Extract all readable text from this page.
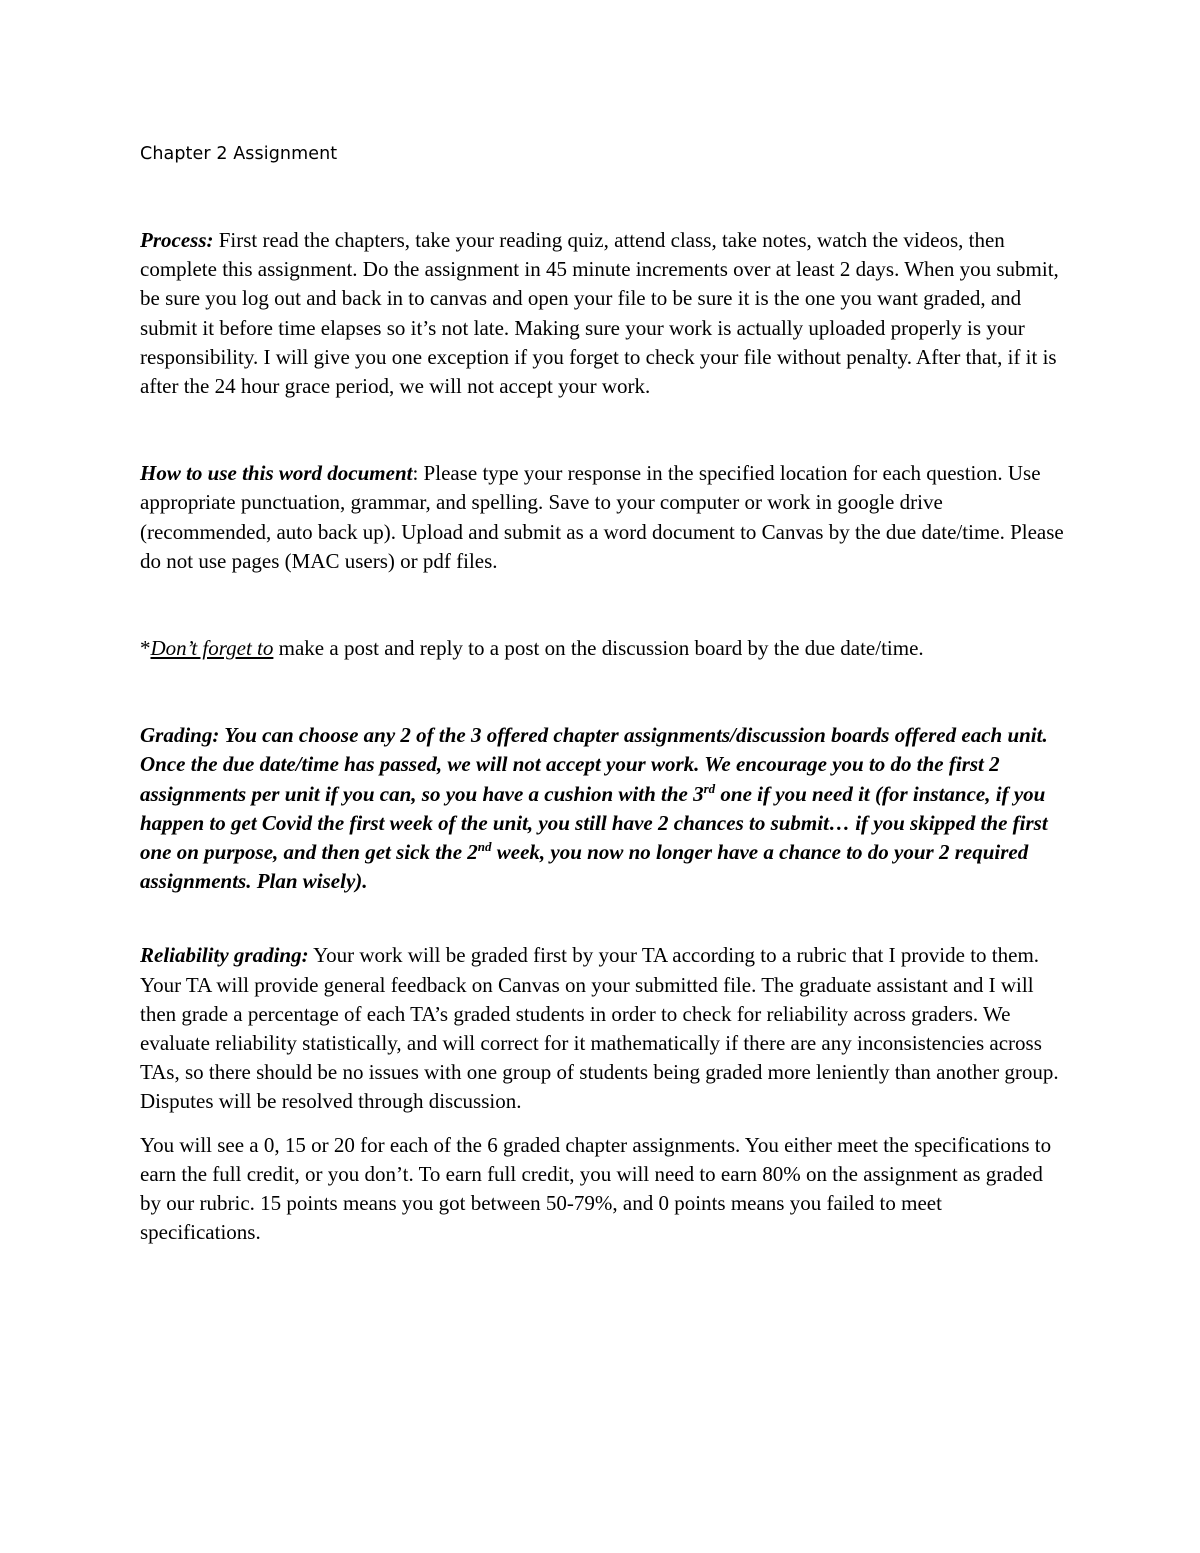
Chapter 2 Assignment

Process: First read the chapters, take your reading quiz, attend class, take notes, watch the videos, then complete this assignment. Do the assignment in 45 minute increments over at least 2 days. When you submit, be sure you log out and back in to canvas and open your file to be sure it is the one you want graded, and submit it before time elapses so it’s not late. Making sure your work is actually uploaded properly is your responsibility. I will give you one exception if you forget to check your file without penalty. After that, if it is after the 24 hour grace period, we will not accept your work.

How to use this word document: Please type your response in the specified location for each question. Use appropriate punctuation, grammar, and spelling. Save to your computer or work in google drive (recommended, auto back up). Upload and submit as a word document to Canvas by the due date/time. Please do not use pages (MAC users) or pdf files.

*Don’t forget to make a post and reply to a post on the discussion board by the due date/time.

Grading: You can choose any 2 of the 3 offered chapter assignments/discussion boards offered each unit. Once the due date/time has passed, we will not accept your work. We encourage you to do the first 2 assignments per unit if you can, so you have a cushion with the 3rd one if you need it (for instance, if you happen to get Covid the first week of the unit, you still have 2 chances to submit… if you skipped the first one on purpose, and then get sick the 2nd week, you now no longer have a chance to do your 2 required assignments. Plan wisely).

Reliability grading: Your work will be graded first by your TA according to a rubric that I provide to them. Your TA will provide general feedback on Canvas on your submitted file. The graduate assistant and I will then grade a percentage of each TA’s graded students in order to check for reliability across graders. We evaluate reliability statistically, and will correct for it mathematically if there are any inconsistencies across TAs, so there should be no issues with one group of students being graded more leniently than another group. Disputes will be resolved through discussion.

You will see a 0, 15 or 20 for each of the 6 graded chapter assignments. You either meet the specifications to earn the full credit, or you don’t. To earn full credit, you will need to earn 80% on the assignment as graded by our rubric. 15 points means you got between 50-79%, and 0 points means you failed to meet specifications.
